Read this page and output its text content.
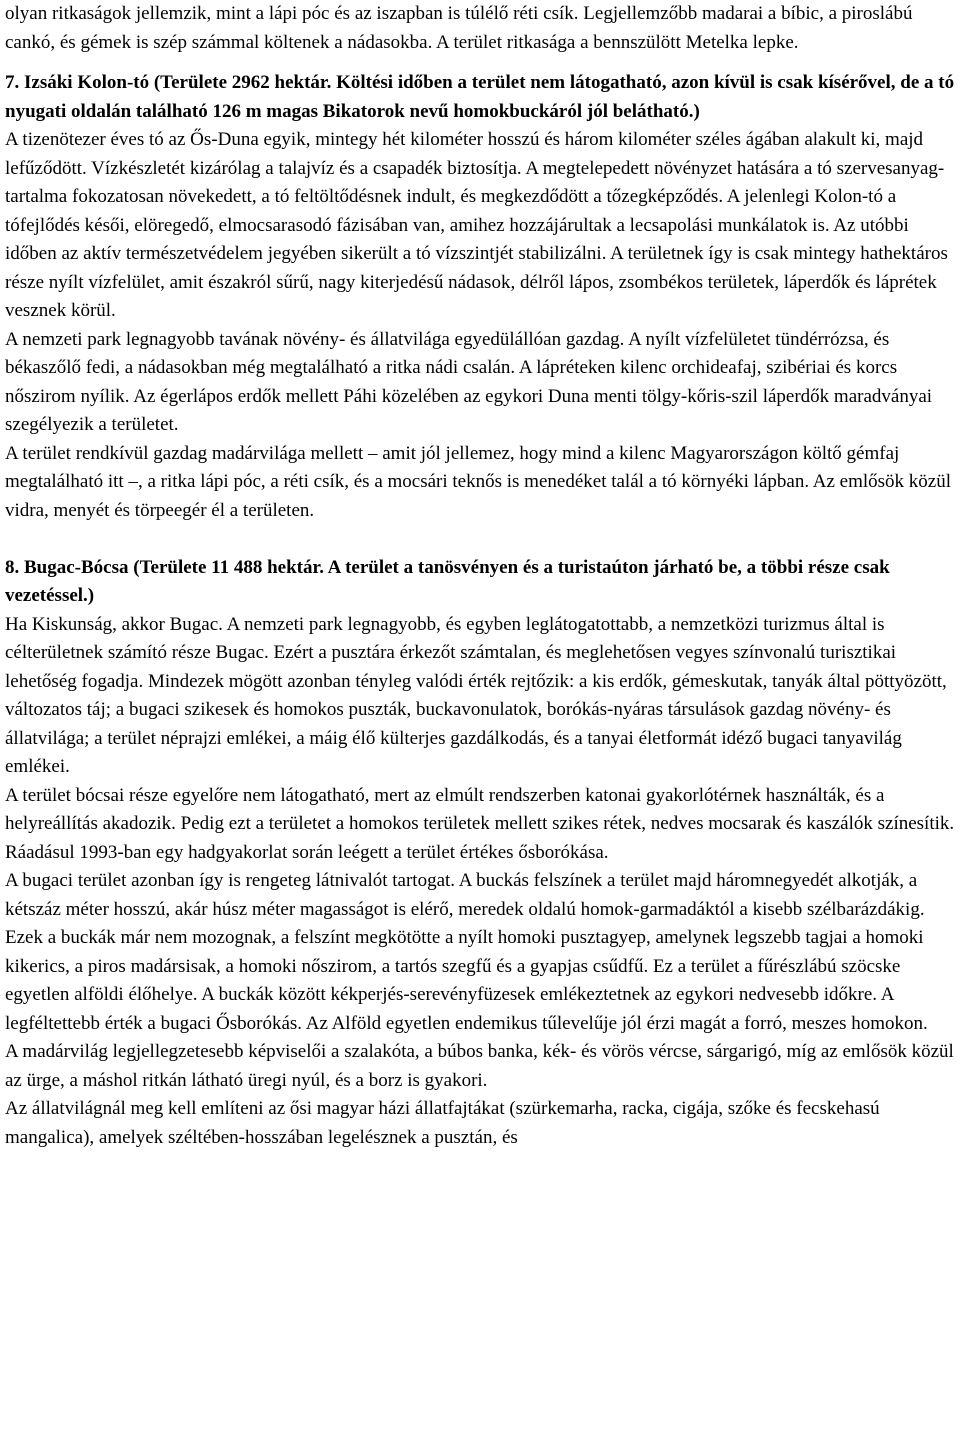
olyan ritkaságok jellemzik, mint a lápi póc és az iszapban is túlélő réti csík. Legjellemzőbb madarai a bíbic, a piroslábú cankó, és gémek is szép számmal költenek a nádasokba. A terület ritkasága a bennszülött Metelka lepke.

7. Izsáki Kolon-tó (Területe 2962 hektár. Költési időben a terület nem látogatható, azon kívül is csak kísérővel, de a tó nyugati oldalán található 126 m magas Bikatorok nevű homokbuckáról jól belátható.)

A tizenötezer éves tó az Ős-Duna egyik, mintegy hét kilométer hosszú és három kilométer széles ágában alakult ki, majd lefűződött. Vízkészletét kizárólag a talajvíz és a csapadék biztosítja. A megtelepedett növényzet hatására a tó szervesanyag-tartalma fokozatosan növekedett, a tó feltöltődésnek indult, és megkezdődött a tőzegképződés. A jelenlegi Kolon-tó a tófejlődés késői, elöregedő, elmocsarasodó fázisában van, amihez hozzájárultak a lecsapolási munkálatok is. Az utóbbi időben az aktív természetvédelem jegyében sikerült a tó vízszintjét stabilizálni. A területnek így is csak mintegy hathektáros része nyílt vízfelület, amit északról sűrű, nagy kiterjedésű nádasok, délről lápos, zsombékos területek, láperdők és láprétek vesznek körül.

A nemzeti park legnagyobb tavának növény- és állatvilága egyedülállóan gazdag. A nyílt vízfelületet tündérrózsa, és békaszőlő fedi, a nádasokban még megtalálható a ritka nádi csalán. A lápréteken kilenc orchideafaj, szibériai és korcs nőszirom nyílik. Az égerlápos erdők mellett Páhi közelében az egykori Duna menti tölgy-kőris-szil láperdők maradványai szegélyezik a területet.

A terület rendkívül gazdag madárvilága mellett – amit jól jellemez, hogy mind a kilenc Magyarországon költő gémfaj megtalálható itt –, a ritka lápi póc, a réti csík, és a mocsári teknős is menedéket talál a tó környéki lápban. Az emlősök közül vidra, menyét és törpeegér él a területen.

8. Bugac-Bócsa (Területe 11 488 hektár. A terület a tanösvényen és a turistaúton járható be, a többi része csak vezetéssel.)

Ha Kiskunság, akkor Bugac. A nemzeti park legnagyobb, és egyben leglátogatottabb, a nemzetközi turizmus által is célterületnek számító része Bugac. Ezért a pusztára érkezőt számtalan, és meglehetősen vegyes színvonalú turisztikai lehetőség fogadja. Mindezek mögött azonban tényleg valódi érték rejtőzik: a kis erdők, gémeskutak, tanyák által pöttyözött, változatos táj; a bugaci szikesek és homokos puszták, buckavonulatok, borókás-nyáras társulások gazdag növény- és állatvilága; a terület néprajzi emlékei, a máig élő külterjes gazdálkodás, és a tanyai életformát idéző bugaci tanyavilág emlékei.

A terület bócsai része egyelőre nem látogatható, mert az elmúlt rendszerben katonai gyakorlótérnek használták, és a helyreállítás akadozik. Pedig ezt a területet a homokos területek mellett szikes rétek, nedves mocsarak és kaszálók színesítik. Ráadásul 1993-ban egy hadgyakorlat során leégett a terület értékes ősborókása.

A bugaci terület azonban így is rengeteg látnivalót tartogat. A buckás felszínek a terület majd háromnegyedét alkotják, a kétszáz méter hosszú, akár húsz méter magasságot is elérő, meredek oldalú homok-garmadáktól a kisebb szélbarázdákig. Ezek a buckák már nem mozognak, a felszínt megkötötte a nyílt homoki pusztagyep, amelynek legszebb tagjai a homoki kikerics, a piros madársisak, a homoki nőszirom, a tartós szegfű és a gyapjas csűdfű. Ez a terület a fűrészlábú szöcske egyetlen alföldi élőhelye. A buckák között kékperjés-serevényfüzesek emlékeztetnek az egykori nedvesebb időkre. A legféltettebb érték a bugaci Ősborókás. Az Alföld egyetlen endemikus tűlevelűje jól érzi magát a forró, meszes homokon.

A madárvilág legjellegzetesebb képviselői a szalakóta, a búbos banka, kék- és vörös vércse, sárgarigó, míg az emlősök közül az ürge, a máshol ritkán látható üregi nyúl, és a borz is gyakori.

Az állatvilágnál meg kell említeni az ősi magyar házi állatfajtákat (szürkemarha, racka, cigája, szőke és fecskehasú mangalica), amelyek széltében-hosszában legelésznek a pusztán, és
